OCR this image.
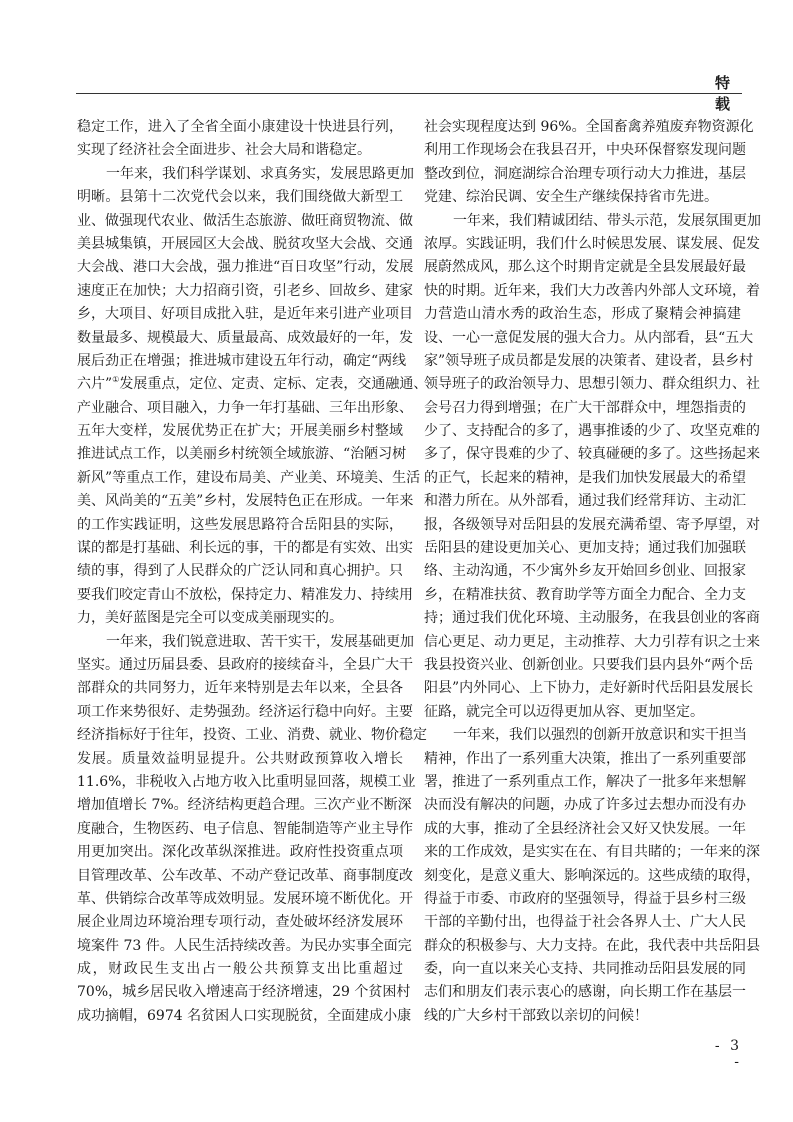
特载
稳定工作，进入了全省全面小康建设十快进县行列，
实现了经济社会全面进步、社会大局和谐稳定。
一年来，我们科学谋划、求真务实，发展思路更加
明晰。县第十二次党代会以来，我们围绕做大新型工
业、做强现代农业、做活生态旅游、做旺商贸物流、做
美县城集镇，开展园区大会战、脱贫攻坚大会战、交通
大会战、港口大会战，强力推进“百日攻坚”行动，发展
速度正在加快；大力招商引资，引老乡、回故乡、建家
乡，大项目、好项目成批入驻，是近年来引进产业项目
数量最多、规模最大、质量最高、成效最好的一年，发
展后劲正在增强；推进城市建设五年行动，确定“两线
六片”①发展重点，定位、定责、定标、定表，交通融通、
产业融合、项目融入，力争一年打基础、三年出形象、
五年大变样，发展优势正在扩大；开展美丽乡村整域
推进试点工作，以美丽乡村统领全域旅游、“治陋习树
新风”等重点工作，建设布局美、产业美、环境美、生活
美、风尚美的“五美”乡村，发展特色正在形成。一年来
的工作实践证明，这些发展思路符合岳阳县的实际，
谋的都是打基础、利长远的事，干的都是有实效、出实
绩的事，得到了人民群众的广泛认同和真心拥护。只
要我们咬定青山不放松，保持定力、精准发力、持续用
力，美好蓝图是完全可以变成美丽现实的。
一年来，我们锐意进取、苦干实干，发展基础更加
坚实。通过历届县委、县政府的接续奋斗，全县广大干
部群众的共同努力，近年来特别是去年以来，全县各
项工作来势很好、走势强劲。经济运行稳中向好。主要
经济指标好于往年，投资、工业、消费、就业、物价稳定
发展。质量效益明显提升。公共财政预算收入增长
11.6%，非税收入占地方收入比重明显回落，规模工业
增加值增长 7%。经济结构更趋合理。三次产业不断深
度融合，生物医药、电子信息、智能制造等产业主导作
用更加突出。深化改革纵深推进。政府性投资重点项
目管理改革、公车改革、不动产登记改革、商事制度改
革、供销综合改革等成效明显。发展环境不断优化。开
展企业周边环境治理专项行动，查处破坏经济发展环
境案件 73 件。人民生活持续改善。为民办实事全面完
成，财政民生支出占一般公共预算支出比重超过
70%，城乡居民收入增速高于经济增速，29 个贫困村
成功摘帽，6974 名贫困人口实现脱贫，全面建成小康
社会实现程度达到 96%。全国畜禽养殖废弃物资源化
利用工作现场会在我县召开，中央环保督察发现问题
整改到位，洞庭湖综合治理专项行动大力推进，基层
党建、综治民调、安全生产继续保持省市先进。
一年来，我们精诚团结、带头示范，发展氛围更加
浓厚。实践证明，我们什么时候思发展、谋发展、促发
展蔚然成风，那么这个时期肯定就是全县发展最好最
快的时期。近年来，我们大力改善内外部人文环境，着
力营造山清水秀的政治生态，形成了聚精会神搞建
设、一心一意促发展的强大合力。从内部看，县“五大
家”领导班子成员都是发展的决策者、建设者，县乡村
领导班子的政治领导力、思想引领力、群众组织力、社
会号召力得到增强；在广大干部群众中，埋怨指责的
少了、支持配合的多了，遇事推诿的少了、攻坚克难的
多了，保守畏难的少了、较真碰硬的多了。这些扬起来
的正气，长起来的精神，是我们加快发展最大的希望
和潜力所在。从外部看，通过我们经常拜访、主动汇
报，各级领导对岳阳县的发展充满希望、寄予厚望，对
岳阳县的建设更加关心、更加支持；通过我们加强联
络、主动沟通，不少寓外乡友开始回乡创业、回报家
乡，在精准扶贫、教育助学等方面全力配合、全力支
持；通过我们优化环境、主动服务，在我县创业的客商
信心更足、动力更足，主动推荐、大力引荐有识之士来
我县投资兴业、创新创业。只要我们县内县外“两个岳
阳县”内外同心、上下协力，走好新时代岳阳县发展长
征路，就完全可以迈得更加从容、更加坚定。
一年来，我们以强烈的创新开放意识和实干担当
精神，作出了一系列重大决策，推出了一系列重要部
署，推进了一系列重点工作，解决了一批多年来想解
决而没有解决的问题，办成了许多过去想办而没有办
成的大事，推动了全县经济社会又好又快发展。一年
来的工作成效，是实实在在、有目共睹的；一年来的深
刻变化，是意义重大、影响深远的。这些成绩的取得，
得益于市委、市政府的坚强领导，得益于县乡村三级
干部的辛勤付出，也得益于社会各界人士、广大人民
群众的积极参与、大力支持。在此，我代表中共岳阳县
委，向一直以来关心支持、共同推动岳阳县发展的同
志们和朋友们表示衷心的感谢，向长期工作在基层一
线的广大乡村干部致以亲切的问候！
- 3 -
